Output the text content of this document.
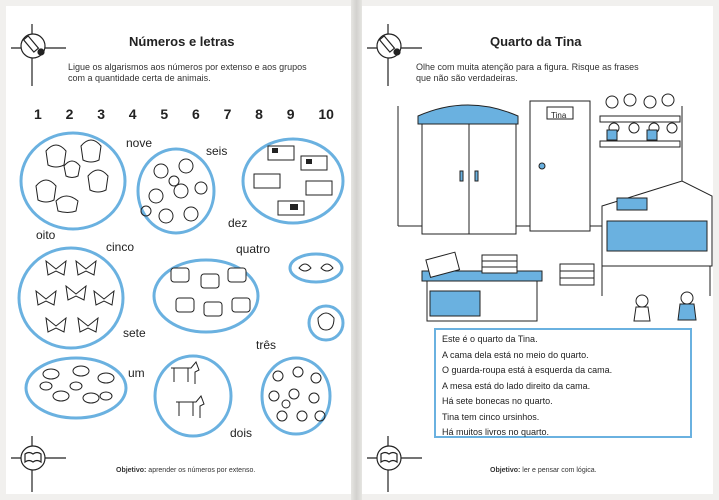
Números e letras
Ligue os algarismos aos números por extenso e aos grupos
com a quantidade certa de animais.
1 2 3 4 5 6 7 8 9 10
nove
seis
dez
oito
cinco	quatro
sete
três
um
dois
Objetivo: aprender os números por extenso.
Quarto da Tina
Olhe com muita atenção para a figura. Risque as frases
que não são verdadeiras.
Tina
Este é o quarto da Tina.
A cama dela está no meio do quarto.
O guarda-roupa está à esquerda da cama.
A mesa está do lado direito da cama.
Há sete bonecas no quarto.
Tina tem cinco ursinhos.
Há muitos livros no quarto.
Objetivo: ler e pensar com lógica.
